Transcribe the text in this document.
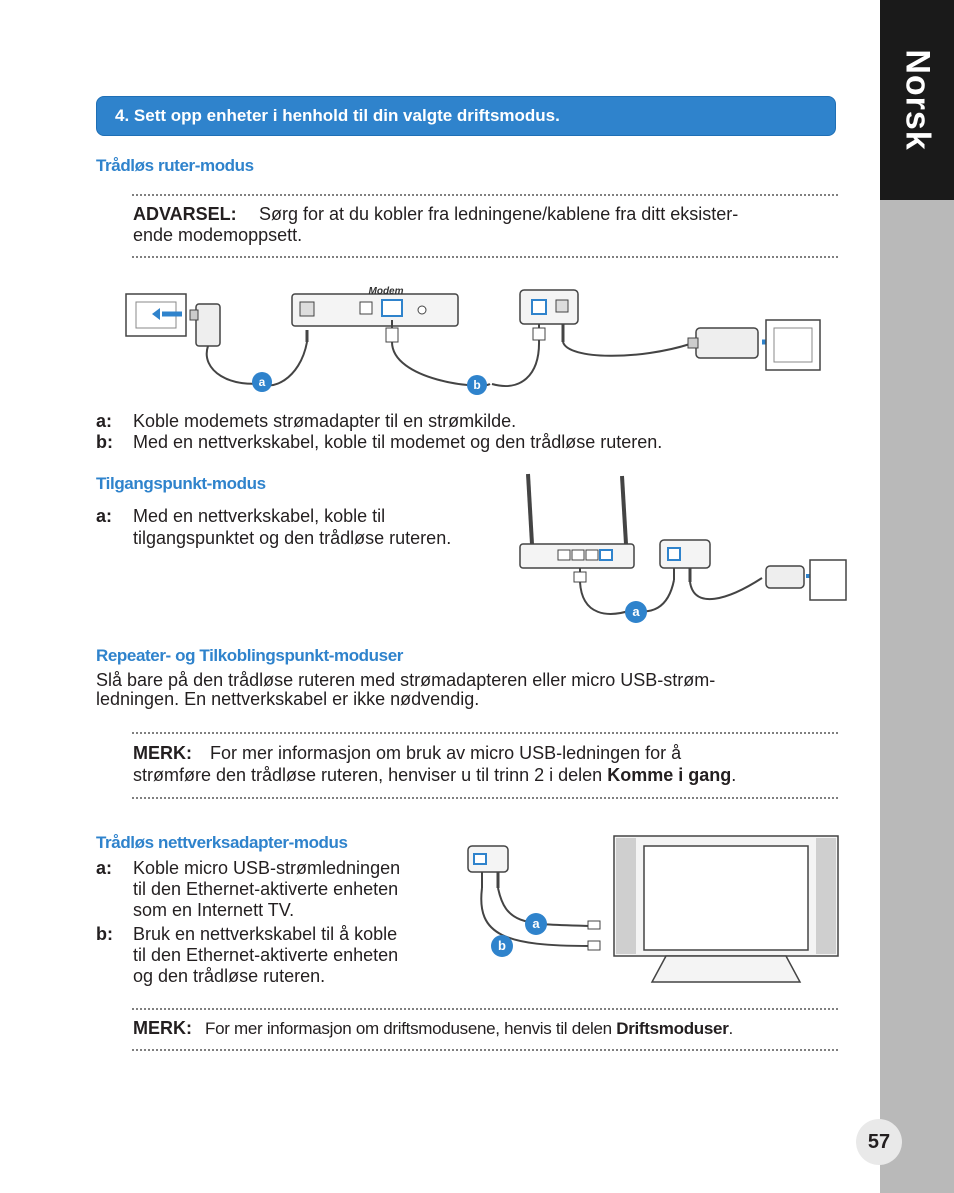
Norsk
57
4. Sett opp enheter i henhold til din valgte driftsmodus.
Trådløs ruter-modus
ADVARSEL: Sørg for at du kobler fra ledningene/kablene fra ditt eksister-
ende modemoppsett.
Modem
a	b
a: Koble modemets strømadapter til en strømkilde.
b: Med en nettverkskabel, koble til modemet og den trådløse ruteren.
Tilgangspunkt-modus
a: Med en nettverkskabel, koble til
tilgangspunktet og den trådløse ruteren.
a
Repeater- og Tilkoblingspunkt-moduser
Slå bare på den trådløse ruteren med strømadapteren eller micro USB-strøm-
ledningen. En nettverkskabel er ikke nødvendig.
MERK: For mer informasjon om bruk av micro USB-ledningen for å
strømføre den trådløse ruteren, henviser u til trinn 2 i delen Komme i gang.
Trådløs nettverksadapter-modus
a: Koble micro USB-strømledningen
til den Ethernet-aktiverte enheten
som en Internett TV.
b: Bruk en nettverkskabel til å koble
til den Ethernet-aktiverte enheten
og den trådløse ruteren.
a
b
MERK: For mer informasjon om driftsmodusene, henvis til delen Driftsmoduser.
